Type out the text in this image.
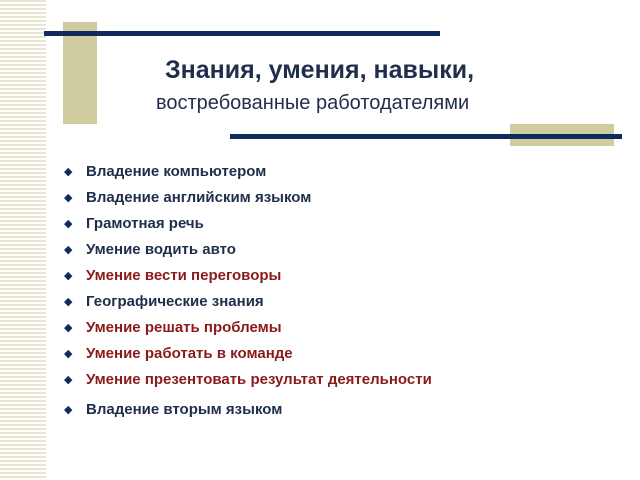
Знания, умения, навыки,
востребованные работодателями
◆ Владение компьютером
◆ Владение английским языком
◆ Грамотная речь
◆ Умение водить авто
◆ Умение вести переговоры
◆ Географические знания
◆ Умение решать проблемы
◆ Умение работать в команде
◆ Умение презентовать результат деятельности
◆ Владение вторым языком
